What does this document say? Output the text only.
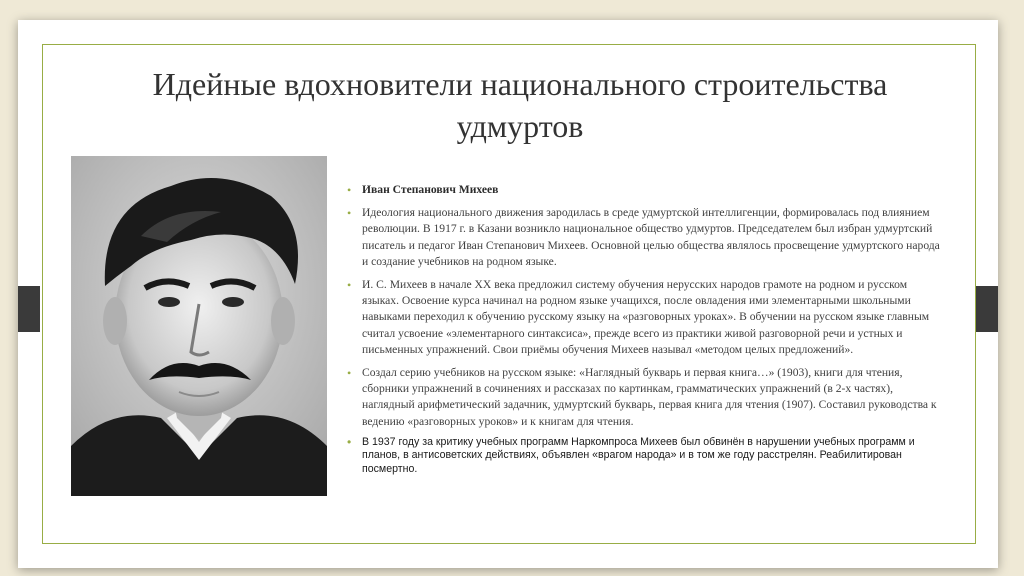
Идейные вдохновители национального строительства
удмуртов
• Иван Степанович Михеев
• Идеология национального движения зародилась в среде удмуртской интеллигенции, формировалась под влиянием революции. В 1917 г. в Казани возникло национальное общество удмуртов. Председателем был избран удмуртский писатель и педагог Иван Степанович Михеев. Основной целью общества являлось просвещение удмуртского народа и создание учебников на родном языке.
• И. С. Михеев в начале XX века предложил систему обучения нерусских народов грамоте на родном и русском языках. Освоение курса начинал на родном языке учащихся, после овладения ими элементарными школьными навыками переходил к обучению русскому языку на «разговорных уроках». В обучении на русском языке главным считал усвоение «элементарного синтаксиса», прежде всего из практики живой разговорной речи и устных и письменных упражнений. Свои приёмы обучения Михеев называл «методом целых предложений».
• Создал серию учебников на русском языке: «Наглядный букварь и первая книга…» (1903), книги для чтения, сборники упражнений в сочинениях и рассказах по картинкам, грамматических упражнений (в 2-х частях), наглядный арифметический задачник, удмуртский букварь, первая книга для чтения (1907). Составил руководства к ведению «разговорных уроков» и к книгам для чтения.
• В 1937 году за критику учебных программ Наркомпроса Михеев был обвинён в нарушении учебных программ и планов, в антисоветских действиях, объявлен «врагом народа» и в том же году расстрелян. Реабилитирован посмертно.
